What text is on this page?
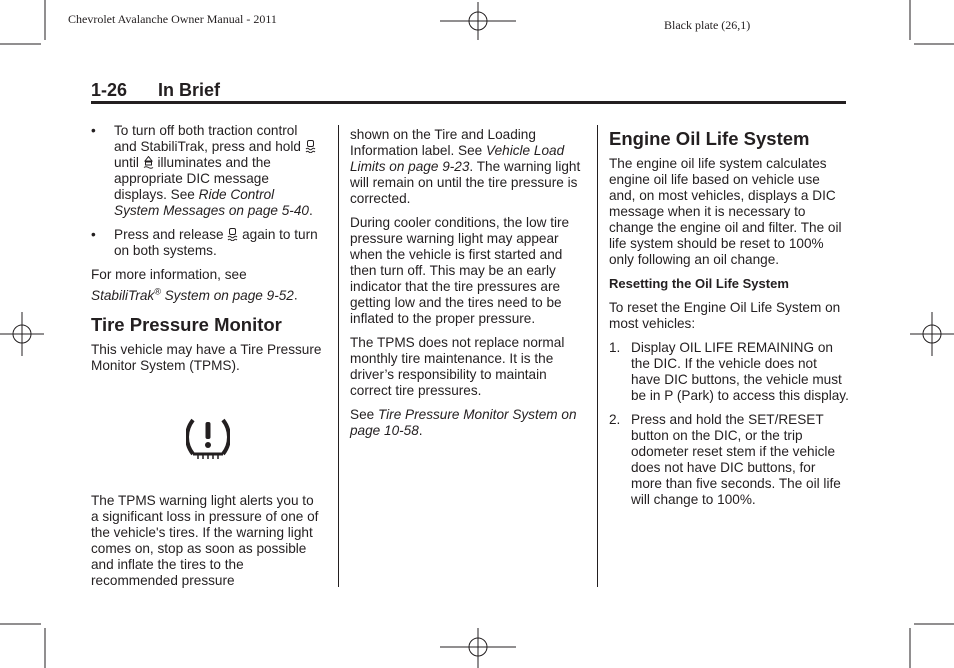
Chevrolet Avalanche Owner Manual - 2011	Black plate (26,1)
1-26 In Brief
• To turn off both traction control and StabiliTrak, press and hold  until  illuminates and the appropriate DIC message displays. See Ride Control System Messages on page 5-40.
• Press and release  again to turn on both systems.

For more information, see
StabiliTrak® System on page 9-52.

Tire Pressure Monitor

This vehicle may have a Tire Pressure Monitor System (TPMS).

The TPMS warning light alerts you to a significant loss in pressure of one of the vehicle's tires. If the warning light comes on, stop as soon as possible and inflate the tires to the recommended pressure

shown on the Tire and Loading Information label. See Vehicle Load Limits on page 9-23. The warning light will remain on until the tire pressure is corrected.

During cooler conditions, the low tire pressure warning light may appear when the vehicle is first started and then turn off. This may be an early indicator that the tire pressures are getting low and the tires need to be inflated to the proper pressure.

The TPMS does not replace normal monthly tire maintenance. It is the driver’s responsibility to maintain correct tire pressures.

See Tire Pressure Monitor System on page 10-58.

Engine Oil Life System

The engine oil life system calculates engine oil life based on vehicle use and, on most vehicles, displays a DIC message when it is necessary to change the engine oil and filter. The oil life system should be reset to 100% only following an oil change.

Resetting the Oil Life System

To reset the Engine Oil Life System on most vehicles:

1. Display OIL LIFE REMAINING on the DIC. If the vehicle does not have DIC buttons, the vehicle must be in P (Park) to access this display.
2. Press and hold the SET/RESET button on the DIC, or the trip odometer reset stem if the vehicle does not have DIC buttons, for more than five seconds. The oil life will change to 100%.
